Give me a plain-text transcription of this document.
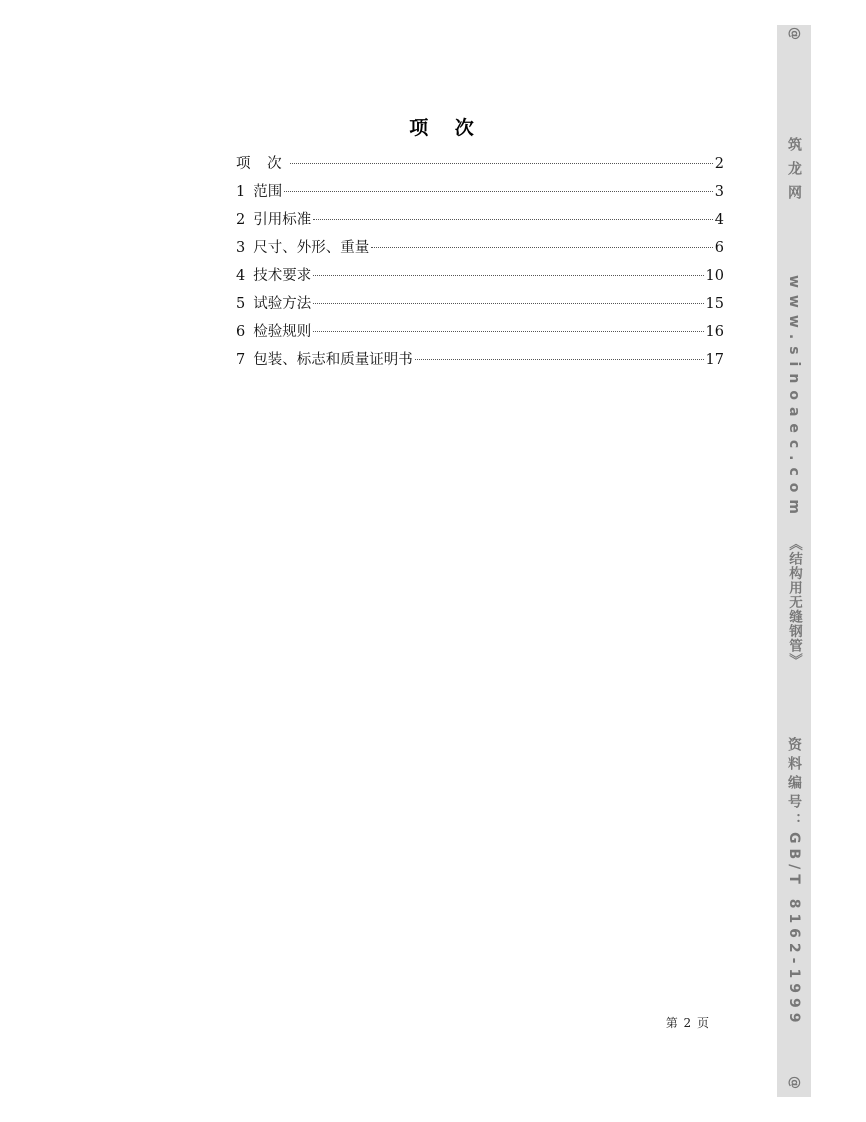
项 次
项 次	2
1 范围	3
2 引用标准	4
3 尺寸、外形、重量	6
4 技术要求	10
5 试验方法	15
6 检验规则	16
7 包装、标志和质量证明书	17
第 2 页
@
筑龙网
www.sinoaec.com
《结构用无缝钢管》
资料编号：GB/T 8162-1999
@
